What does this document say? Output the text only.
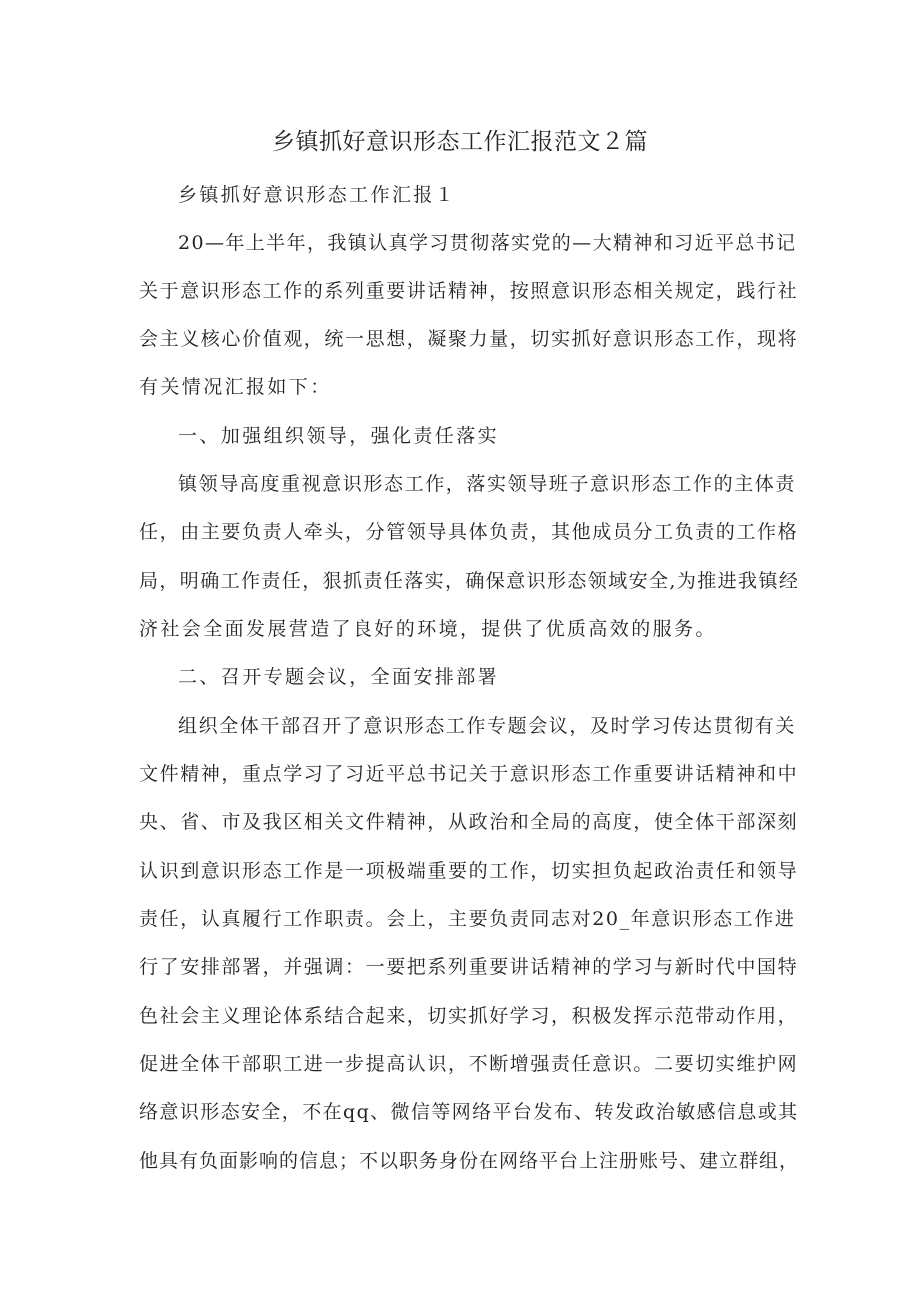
乡镇抓好意识形态工作汇报范文２篇
乡镇抓好意识形态工作汇报１
20—年上半年，我镇认真学习贯彻落实党的—大精神和习近平总书记
关于意识形态工作的系列重要讲话精神，按照意识形态相关规定，践行社
会主义核心价值观，统一思想，凝聚力量，切实抓好意识形态工作，现将
有关情况汇报如下：
一、加强组织领导，强化责任落实
镇领导高度重视意识形态工作，落实领导班子意识形态工作的主体责
任，由主要负责人牵头，分管领导具体负责，其他成员分工负责的工作格
局，明确工作责任，狠抓责任落实，确保意识形态领域安全,为推进我镇经
济社会全面发展营造了良好的环境，提供了优质高效的服务。
二、召开专题会议，全面安排部署
组织全体干部召开了意识形态工作专题会议，及时学习传达贯彻有关
文件精神，重点学习了习近平总书记关于意识形态工作重要讲话精神和中
央、省、市及我区相关文件精神，从政治和全局的高度，使全体干部深刻
认识到意识形态工作是一项极端重要的工作，切实担负起政治责任和领导
责任，认真履行工作职责。会上，主要负责同志对20_年意识形态工作进
行了安排部署，并强调：一要把系列重要讲话精神的学习与新时代中国特
色社会主义理论体系结合起来，切实抓好学习，积极发挥示范带动作用，
促进全体干部职工进一步提高认识，不断增强责任意识。二要切实维护网
络意识形态安全，不在qq、微信等网络平台发布、转发政治敏感信息或其
他具有负面影响的信息；不以职务身份在网络平台上注册账号、建立群组，
